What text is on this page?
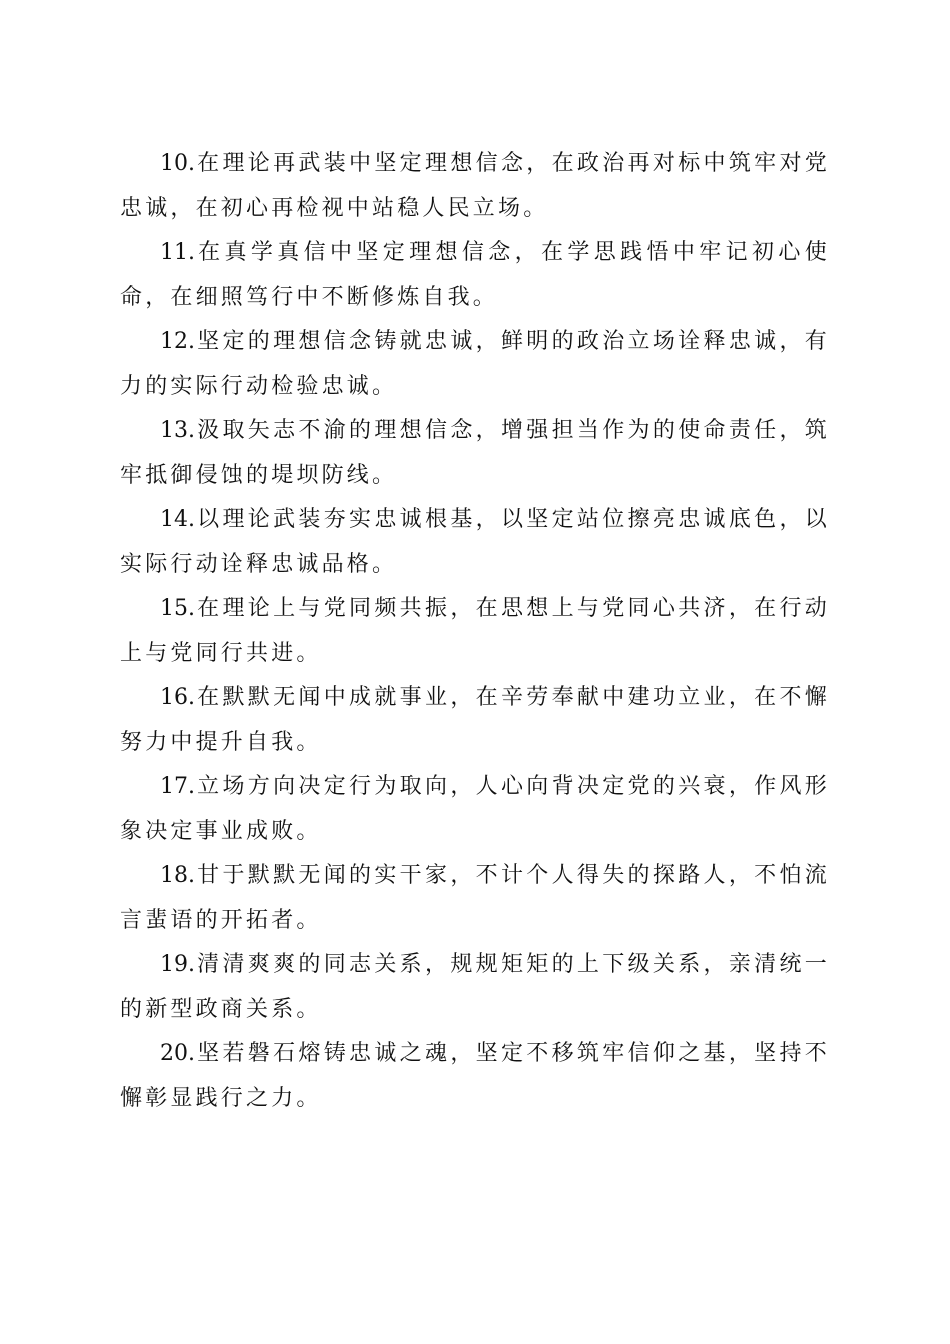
10.在理论再武装中坚定理想信念，在政治再对标中筑牢对党忠诚，在初心再检视中站稳人民立场。

11.在真学真信中坚定理想信念，在学思践悟中牢记初心使命，在细照笃行中不断修炼自我。

12.坚定的理想信念铸就忠诚，鲜明的政治立场诠释忠诚，有力的实际行动检验忠诚。

13.汲取矢志不渝的理想信念，增强担当作为的使命责任，筑牢抵御侵蚀的堤坝防线。

14.以理论武装夯实忠诚根基，以坚定站位擦亮忠诚底色，以实际行动诠释忠诚品格。

15.在理论上与党同频共振，在思想上与党同心共济，在行动上与党同行共进。

16.在默默无闻中成就事业，在辛劳奉献中建功立业，在不懈努力中提升自我。

17.立场方向决定行为取向，人心向背决定党的兴衰，作风形象决定事业成败。

18.甘于默默无闻的实干家，不计个人得失的探路人，不怕流言蜚语的开拓者。

19.清清爽爽的同志关系，规规矩矩的上下级关系，亲清统一的新型政商关系。

20.坚若磐石熔铸忠诚之魂，坚定不移筑牢信仰之基，坚持不懈彰显践行之力。
